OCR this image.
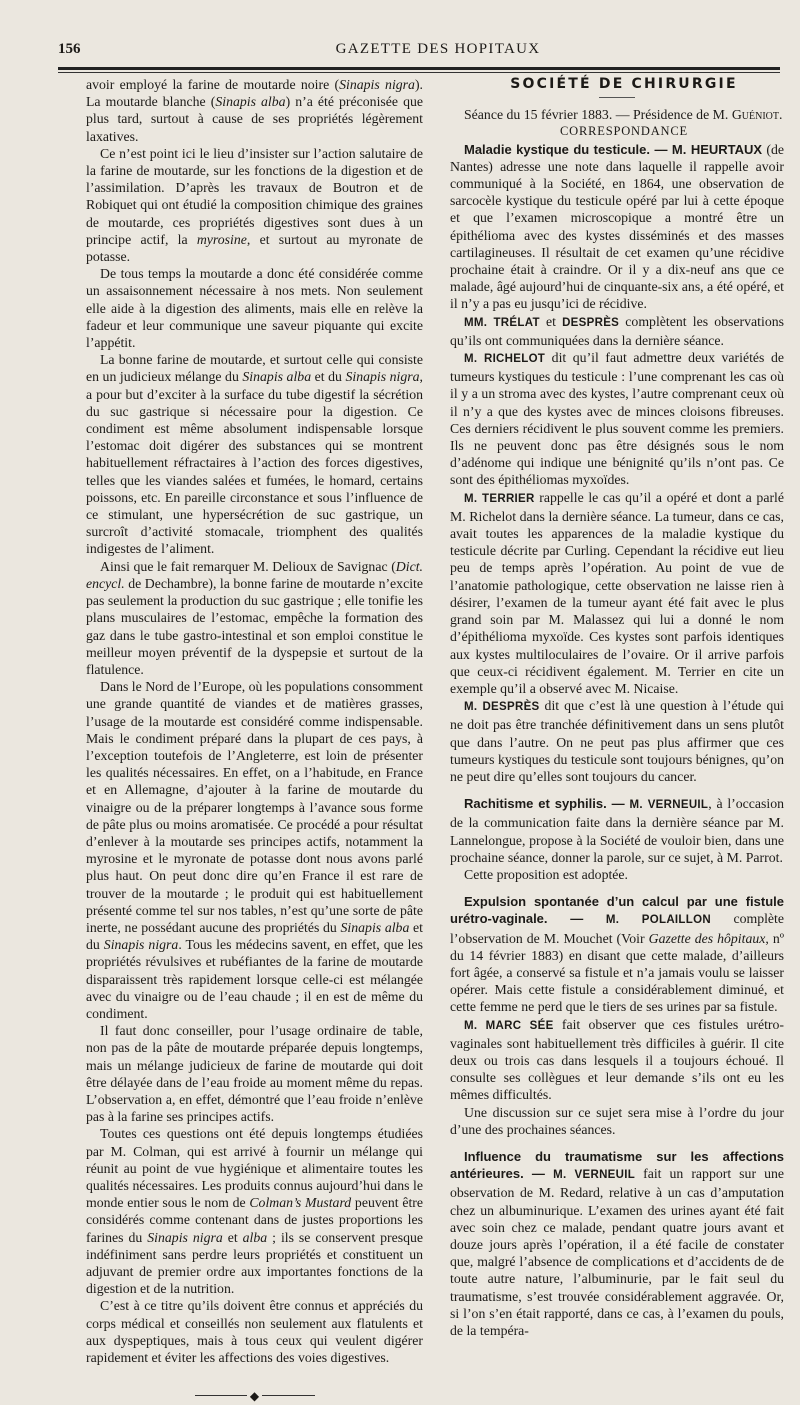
156	GAZETTE DES HOPITAUX

avoir employé la farine de moutarde noire (Sinapis nigra). La moutarde blanche (Sinapis alba) n’a été préconisée que plus tard, surtout à cause de ses propriétés légèrement laxatives.

Ce n’est point ici le lieu d’insister sur l’action salutaire de la farine de moutarde, sur les fonctions de la digestion et de l’assimilation. D’après les travaux de Boutron et de Robiquet qui ont étudié la composition chimique des graines de moutarde, ces propriétés digestives sont dues à un principe actif, la myrosine, et surtout au myronate de potasse.

De tous temps la moutarde a donc été considérée comme un assaisonnement nécessaire à nos mets. Non seulement elle aide à la digestion des aliments, mais elle en relève la fadeur et leur communique une saveur piquante qui excite l’appétit.

La bonne farine de moutarde, et surtout celle qui consiste en un judicieux mélange du Sinapis alba et du Sinapis nigra, a pour but d’exciter à la surface du tube digestif la sécrétion du suc gastrique si nécessaire pour la digestion. Ce condiment est même absolument indispensable lorsque l’estomac doit digérer des substances qui se montrent habituellement réfractaires à l’action des forces digestives, telles que les viandes salées et fumées, le homard, certains poissons, etc. En pareille circonstance et sous l’influence de ce stimulant, une hypersécrétion de suc gastrique, un surcroît d’activité stomacale, triomphent des qualités indigestes de l’aliment.

Ainsi que le fait remarquer M. Delioux de Savignac (Dict. encycl. de Dechambre), la bonne farine de moutarde n’excite pas seulement la production du suc gastrique ; elle tonifie les plans musculaires de l’estomac, empêche la formation des gaz dans le tube gastro-intestinal et son emploi constitue le meilleur moyen préventif de la dyspepsie et surtout de la flatulence.

Dans le Nord de l’Europe, où les populations consomment une grande quantité de viandes et de matières grasses, l’usage de la moutarde est considéré comme indispensable. Mais le condiment préparé dans la plupart de ces pays, à l’exception toutefois de l’Angleterre, est loin de présenter les qualités nécessaires. En effet, on a l’habitude, en France et en Allemagne, d’ajouter à la farine de moutarde du vinaigre ou de la préparer longtemps à l’avance sous forme de pâte plus ou moins aromatisée. Ce procédé a pour résultat d’enlever à la moutarde ses principes actifs, notamment la myrosine et le myronate de potasse dont nous avons parlé plus haut. On peut donc dire qu’en France il est rare de trouver de la moutarde ; le produit qui est habituellement présenté comme tel sur nos tables, n’est qu’une sorte de pâte inerte, ne possédant aucune des propriétés du Sinapis alba et du Sinapis nigra. Tous les médecins savent, en effet, que les propriétés révulsives et rubéfiantes de la farine de moutarde disparaissent très rapidement lorsque celle-ci est mélangée avec du vinaigre ou de l’eau chaude ; il en est de même du condiment.

Il faut donc conseiller, pour l’usage ordinaire de table, non pas de la pâte de moutarde préparée depuis longtemps, mais un mélange judicieux de farine de moutarde qui doit être délayée dans de l’eau froide au moment même du repas. L’observation a, en effet, démontré que l’eau froide n’enlève pas à la farine ses principes actifs.

Toutes ces questions ont été depuis longtemps étudiées par M. Colman, qui est arrivé à fournir un mélange qui réunit au point de vue hygiénique et alimentaire toutes les qualités nécessaires. Les produits connus aujourd’hui dans le monde entier sous le nom de Colman’s Mustard peuvent être considérés comme contenant dans de justes proportions les farines du Sinapis nigra et alba ; ils se conservent presque indéfiniment sans perdre leurs propriétés et constituent un adjuvant de premier ordre aux importantes fonctions de la digestion et de la nutrition.

C’est à ce titre qu’ils doivent être connus et appréciés du corps médical et conseillés non seulement aux flatulents et aux dyspeptiques, mais à tous ceux qui veulent digérer rapidement et éviter les affections des voies digestives.

◆

SOCIÉTÉ DE CHIRURGIE

Séance du 15 février 1883. — Présidence de M. Guéniot.

CORRESPONDANCE

Maladie kystique du testicule. — M. HEURTAUX (de Nantes) adresse une note dans laquelle il rappelle avoir communiqué à la Société, en 1864, une observation de sarcocèle kystique du testicule opéré par lui à cette époque et que l’examen microscopique a montré être un épithélioma avec des kystes disséminés et des masses cartilagineuses. Il résultait de cet examen qu’une récidive prochaine était à craindre. Or il y a dix-neuf ans que ce malade, âgé aujourd’hui de cinquante-six ans, a été opéré, et il n’y a pas eu jusqu’ici de récidive.

MM. TRÉLAT et DESPRÈS complètent les observations qu’ils ont communiquées dans la dernière séance.

M. RICHELOT dit qu’il faut admettre deux variétés de tumeurs kystiques du testicule : l’une comprenant les cas où il y a un stroma avec des kystes, l’autre comprenant ceux où il n’y a que des kystes avec de minces cloisons fibreuses. Ces derniers récidivent le plus souvent comme les premiers. Ils ne peuvent donc pas être désignés sous le nom d’adénome qui indique une bénignité qu’ils n’ont pas. Ce sont des épithéliomas myxoïdes.

M. TERRIER rappelle le cas qu’il a opéré et dont a parlé M. Richelot dans la dernière séance. La tumeur, dans ce cas, avait toutes les apparences de la maladie kystique du testicule décrite par Curling. Cependant la récidive eut lieu peu de temps après l’opération. Au point de vue de l’anatomie pathologique, cette observation ne laisse rien à désirer, l’examen de la tumeur ayant été fait avec le plus grand soin par M. Malassez qui lui a donné le nom d’épithélioma myxoïde. Ces kystes sont parfois identiques aux kystes multiloculaires de l’ovaire. Or il arrive parfois que ceux-ci récidivent également. M. Terrier en cite un exemple qu’il a observé avec M. Nicaise.

M. DESPRÈS dit que c’est là une question à l’étude qui ne doit pas être tranchée définitivement dans un sens plutôt que dans l’autre. On ne peut pas plus affirmer que ces tumeurs kystiques du testicule sont toujours bénignes, qu’on ne peut dire qu’elles sont toujours du cancer.

Rachitisme et syphilis. — M. VERNEUIL, à l’occasion de la communication faite dans la dernière séance par M. Lannelongue, propose à la Société de vouloir bien, dans une prochaine séance, donner la parole, sur ce sujet, à M. Parrot.

Cette proposition est adoptée.

Expulsion spontanée d’un calcul par une fistule urétro-vaginale. — M. POLAILLON complète l’observation de M. Mouchet (Voir Gazette des hôpitaux, nº du 14 février 1883) en disant que cette malade, d’ailleurs fort âgée, a conservé sa fistule et n’a jamais voulu se laisser opérer. Mais cette fistule a considérablement diminué, et cette femme ne perd que le tiers de ses urines par sa fistule.

M. MARC SÉE fait observer que ces fistules urétro-vaginales sont habituellement très difficiles à guérir. Il cite deux ou trois cas dans lesquels il a toujours échoué. Il consulte ses collègues et leur demande s’ils ont eu les mêmes difficultés.

Une discussion sur ce sujet sera mise à l’ordre du jour d’une des prochaines séances.

Influence du traumatisme sur les affections antérieures. — M. VERNEUIL fait un rapport sur une observation de M. Redard, relative à un cas d’amputation chez un albuminurique. L’examen des urines ayant été fait avec soin chez ce malade, pendant quatre jours avant et douze jours après l’opération, il a été facile de constater que, malgré l’absence de complications et d’accidents de de toute autre nature, l’albuminurie, par le fait seul du traumatisme, s’est trouvée considérablement aggravée. Or, si l’on s’en était rapporté, dans ce cas, à l’examen du pouls, de la tempéra-
